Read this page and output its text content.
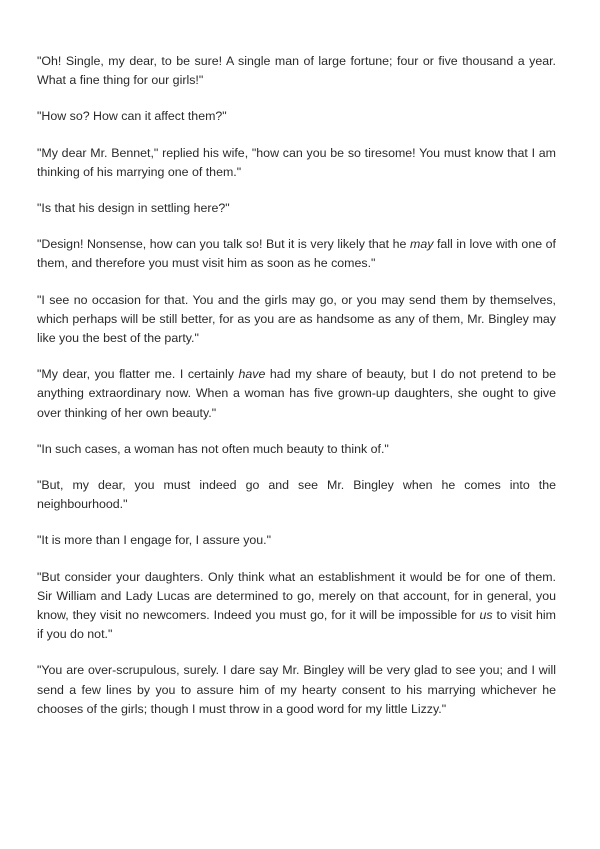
"Oh! Single, my dear, to be sure! A single man of large fortune; four or five thousand a year. What a fine thing for our girls!"

"How so? How can it affect them?"

"My dear Mr. Bennet," replied his wife, "how can you be so tiresome! You must know that I am thinking of his marrying one of them."

"Is that his design in settling here?"

"Design! Nonsense, how can you talk so! But it is very likely that he may fall in love with one of them, and therefore you must visit him as soon as he comes."

"I see no occasion for that. You and the girls may go, or you may send them by themselves, which perhaps will be still better, for as you are as handsome as any of them, Mr. Bingley may like you the best of the party."

"My dear, you flatter me. I certainly have had my share of beauty, but I do not pretend to be anything extraordinary now. When a woman has five grown-up daughters, she ought to give over thinking of her own beauty."

"In such cases, a woman has not often much beauty to think of."

"But, my dear, you must indeed go and see Mr. Bingley when he comes into the neighbourhood."

"It is more than I engage for, I assure you."

"But consider your daughters. Only think what an establishment it would be for one of them. Sir William and Lady Lucas are determined to go, merely on that account, for in general, you know, they visit no newcomers. Indeed you must go, for it will be impossible for us to visit him if you do not."

"You are over-scrupulous, surely. I dare say Mr. Bingley will be very glad to see you; and I will send a few lines by you to assure him of my hearty consent to his marrying whichever he chooses of the girls; though I must throw in a good word for my little Lizzy."
